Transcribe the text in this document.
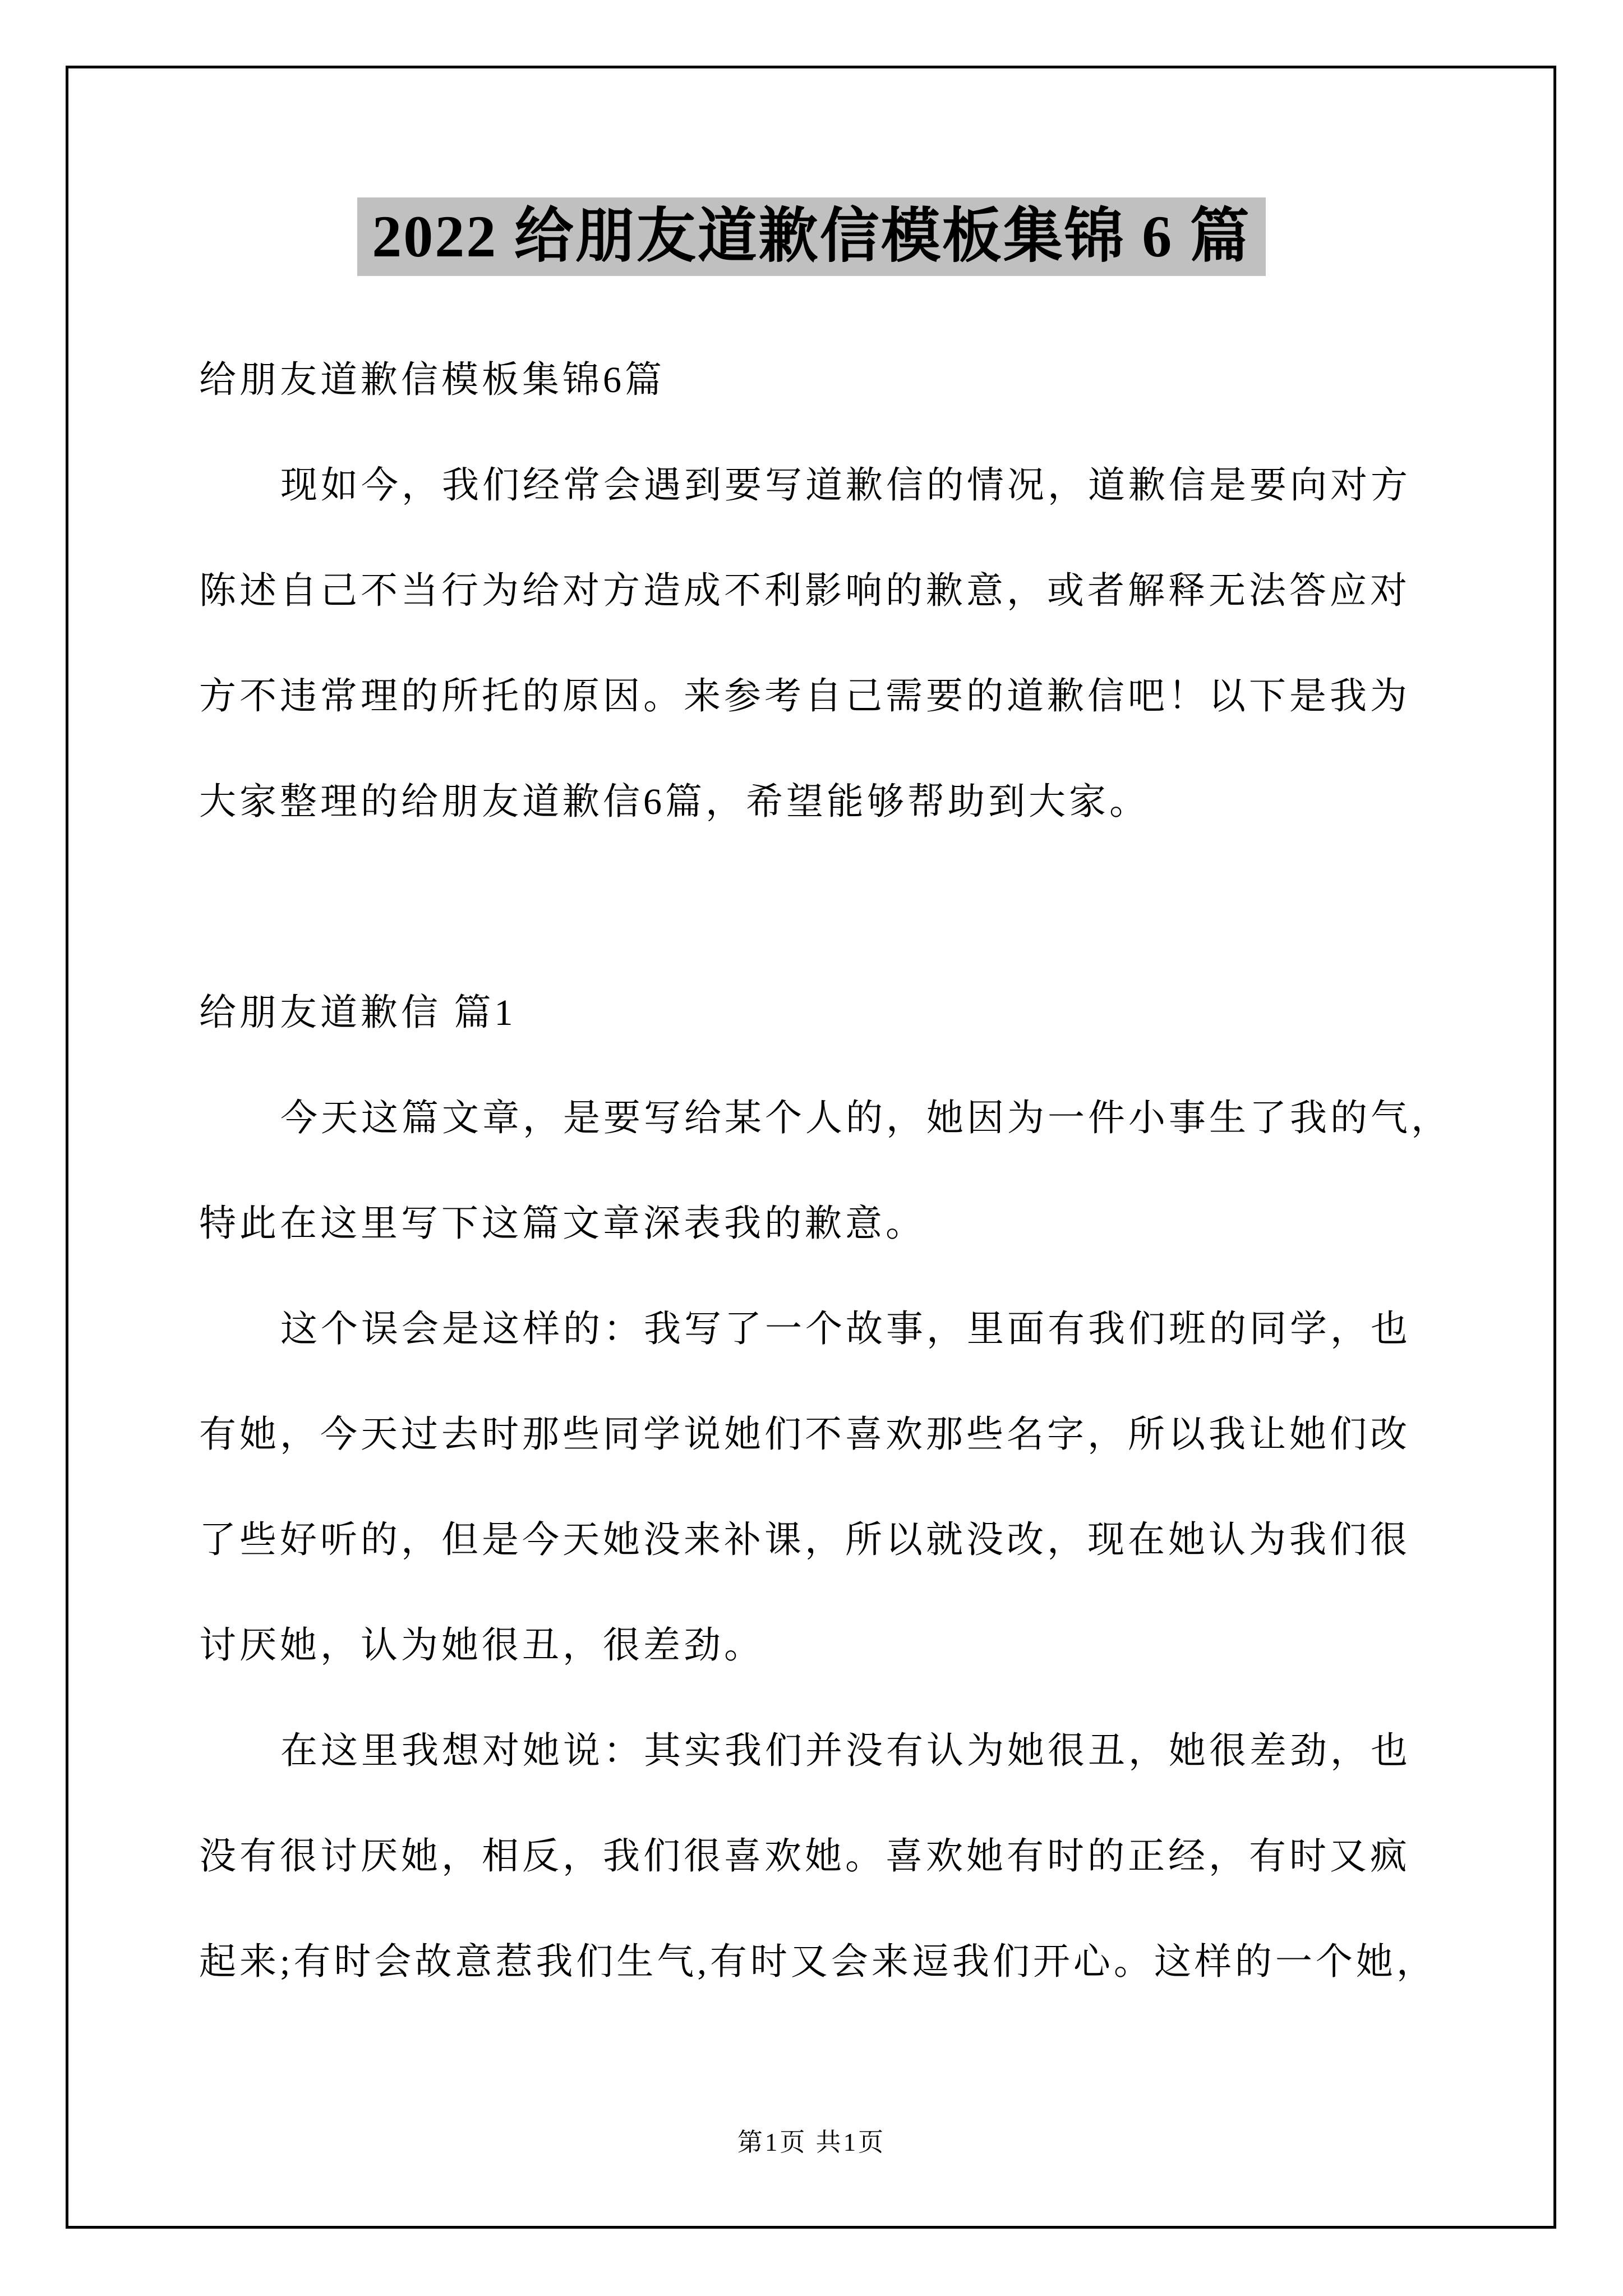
2022 给朋友道歉信模板集锦 6 篇
给朋友道歉信模板集锦6篇
现如今，我们经常会遇到要写道歉信的情况，道歉信是要向对方
陈述自己不当行为给对方造成不利影响的歉意，或者解释无法答应对
方不违常理的所托的原因。来参考自己需要的道歉信吧！以下是我为
大家整理的给朋友道歉信6篇，希望能够帮助到大家。
给朋友道歉信 篇1
今天这篇文章，是要写给某个人的，她因为一件小事生了我的气，
特此在这里写下这篇文章深表我的歉意。
这个误会是这样的：我写了一个故事，里面有我们班的同学，也
有她，今天过去时那些同学说她们不喜欢那些名字，所以我让她们改
了些好听的，但是今天她没来补课，所以就没改，现在她认为我们很
讨厌她，认为她很丑，很差劲。
在这里我想对她说：其实我们并没有认为她很丑，她很差劲，也
没有很讨厌她，相反，我们很喜欢她。喜欢她有时的正经，有时又疯
起来;有时会故意惹我们生气,有时又会来逗我们开心。这样的一个她，
第1页 共1页
